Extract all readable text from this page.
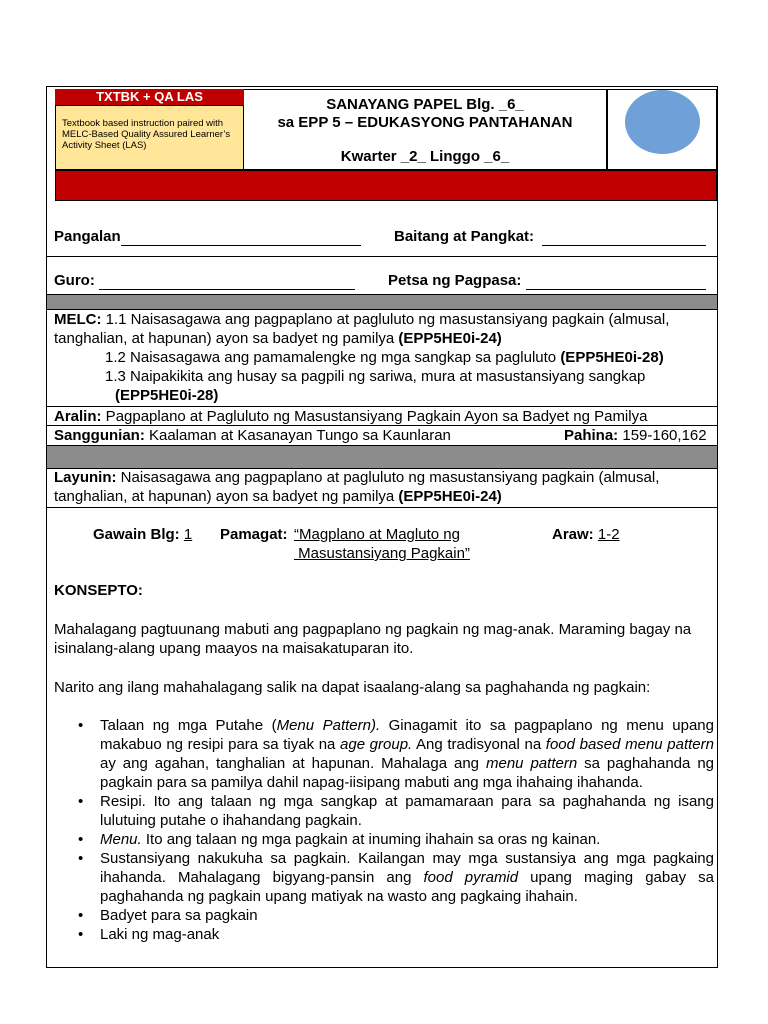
TXTBK + QA LAS
Textbook based instruction paired with MELC-Based Quality Assured Learner’s Activity Sheet (LAS)
SANAYANG PAPEL Blg. _6_
sa EPP 5 – EDUKASYONG PANTAHANAN
Kwarter _2_ Linggo _6_
Pangalan	Baitang at Pangkat:
Guro:	Petsa ng Pagpasa:
MELC: 1.1 Naisasagawa ang pagpaplano at pagluluto ng masustansiyang pagkain (almusal, tanghalian, at hapunan) ayon sa badyet ng pamilya (EPP5HE0i-24)
1.2 Naisasagawa ang pamamalengke ng mga sangkap sa pagluluto (EPP5HE0i-28)
1.3 Naipakikita ang husay sa pagpili ng sariwa, mura at masustansiyang sangkap
(EPP5HE0i-28)
Aralin: Pagpaplano at Pagluluto ng Masustansiyang Pagkain Ayon sa Badyet ng Pamilya
Sanggunian: Kaalaman at Kasanayan Tungo sa Kaunlaran	Pahina: 159-160,162
Layunin: Naisasagawa ang pagpaplano at pagluluto ng masustansiyang pagkain (almusal, tanghalian, at hapunan) ayon sa badyet ng pamilya (EPP5HE0i-24)
Gawain Blg: 1 Pamagat: “Magplano at Magluto ng
Masustansiyang Pagkain”
Araw: 1-2
KONSEPTO:
Mahalagang pagtuunang mabuti ang pagpaplano ng pagkain ng mag-anak. Maraming bagay na isinalang-alang upang maayos na maisakatuparan ito.
Narito ang ilang mahahalagang salik na dapat isaalang-alang sa paghahanda ng pagkain:
• Talaan ng mga Putahe (Menu Pattern). Ginagamit ito sa pagpaplano ng menu upang makabuo ng resipi para sa tiyak na age group. Ang tradisyonal na food based menu pattern ay ang agahan, tanghalian at hapunan. Mahalaga ang menu pattern sa paghahanda ng pagkain para sa pamilya dahil napag-iisipang mabuti ang mga ihahaing ihahanda.
• Resipi. Ito ang talaan ng mga sangkap at pamamaraan para sa paghahanda ng isang lulutuing putahe o ihahandang pagkain.
• Menu. Ito ang talaan ng mga pagkain at inuming ihahain sa oras ng kainan.
• Sustansiyang nakukuha sa pagkain. Kailangan may mga sustansiya ang mga pagkaing ihahanda. Mahalagang bigyang-pansin ang food pyramid upang maging gabay sa paghahanda ng pagkain upang matiyak na wasto ang pagkaing ihahain.
• Badyet para sa pagkain
• Laki ng mag-anak
